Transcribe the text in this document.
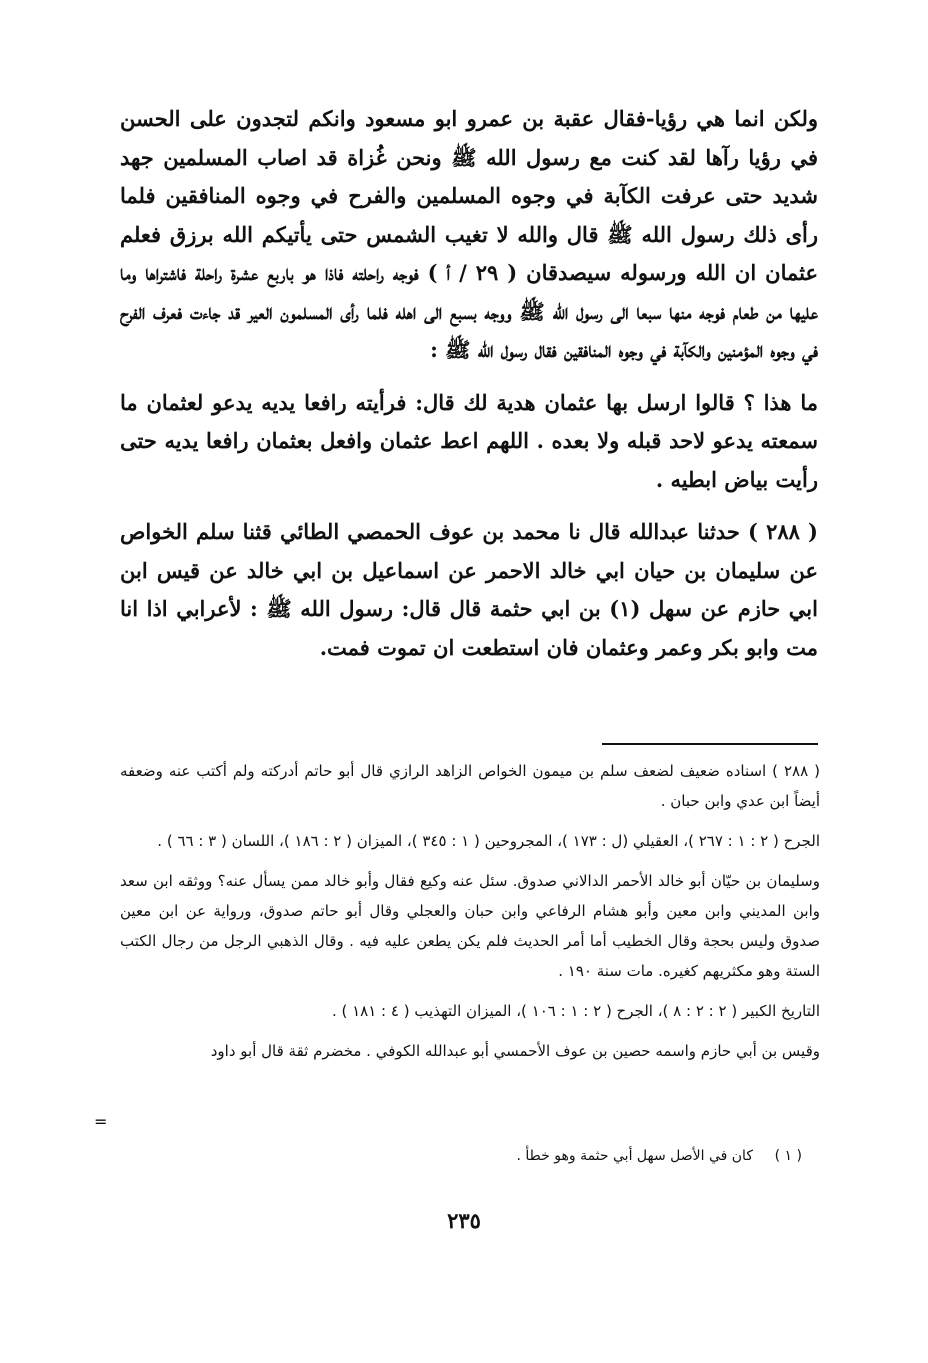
ولكن انما هي رؤيا-فقال عقبة بن عمرو ابو مسعود وانكم لتجدون على الحسن في رؤيا رآها لقد كنت مع رسول الله ﷺ ونحن غُزاة قد اصاب المسلمين جهد شديد حتى عرفت الكآبة في وجوه المسلمين والفرح في وجوه المنافقين فلما رأى ذلك رسول الله ﷺ قال والله لا تغيب الشمس حتى يأتيكم الله برزق فعلم عثمان ان الله ورسوله سيصدقان ( ٢٩ / أ ) فوجه راحلته فاذا هو باربع عشرة راحلة فاشتراها وما عليها من طعام فوجه منها سبعا الى رسول الله ﷺ ووجه بسبع الى اهله فلما رأى المسلمون العير قد جاءت فعرف الفرح في وجوه المؤمنين والكآبة في وجوه المنافقين فقال رسول الله ﷺ :

ما هذا ؟ قالوا ارسل بها عثمان هدية لك قال: فرأيته رافعا يديه يدعو لعثمان ما سمعته يدعو لاحد قبله ولا بعده . اللهم اعط عثمان وافعل بعثمان رافعا يديه حتى رأيت بياض ابطيه .

( ٢٨٨ ) حدثنا عبدالله قال نا محمد بن عوف الحمصي الطائي قثنا سلم الخواص عن سليمان بن حيان ابي خالد الاحمر عن اسماعيل بن ابي خالد عن قيس ابن ابي حازم عن سهل (١) بن ابي حثمة قال قال: رسول الله ﷺ : لأعرابي اذا انا مت وابو بكر وعمر وعثمان فان استطعت ان تموت فمت.

( ٢٨٨ ) اسناده ضعيف لضعف سلم بن ميمون الخواص الزاهد الرازي قال أبو حاتم أدركته ولم أكتب عنه وضعفه أيضاً ابن عدي وابن حبان .

الجرح ( ٢ : ١ : ٢٦٧ )، العقيلي (ل : ١٧٣ )، المجروحين ( ١ : ٣٤٥ )، الميزان ( ٢ : ١٨٦ )، اللسان ( ٣ : ٦٦ ) .

وسليمان بن حيّان أبو خالد الأحمر الدالاني صدوق. سئل عنه وكيع فقال وأبو خالد ممن يسأل عنه؟ ووثقه ابن سعد وابن المديني وابن معين وأبو هشام الرفاعي وابن حبان والعجلي وقال أبو حاتم صدوق، ورواية عن ابن معين صدوق وليس بحجة وقال الخطيب أما أمر الحديث فلم يكن يطعن عليه فيه . وقال الذهبي الرجل من رجال الكتب الستة وهو مكثريهم كغيره. مات سنة ١٩٠ .

التاريخ الكبير ( ٢ : ٢ : ٨ )، الجرح ( ٢ : ١ : ١٠٦ )، الميزان التهذيب ( ٤ : ١٨١ ) .

وقيس بن أبي حازم واسمه حصين بن عوف الأحمسي أبو عبدالله الكوفي . مخضرم ثقة قال أبو داود

=
( ١ )
كان في الأصل سهل أبي حثمة وهو خطأ .
٢٣٥
